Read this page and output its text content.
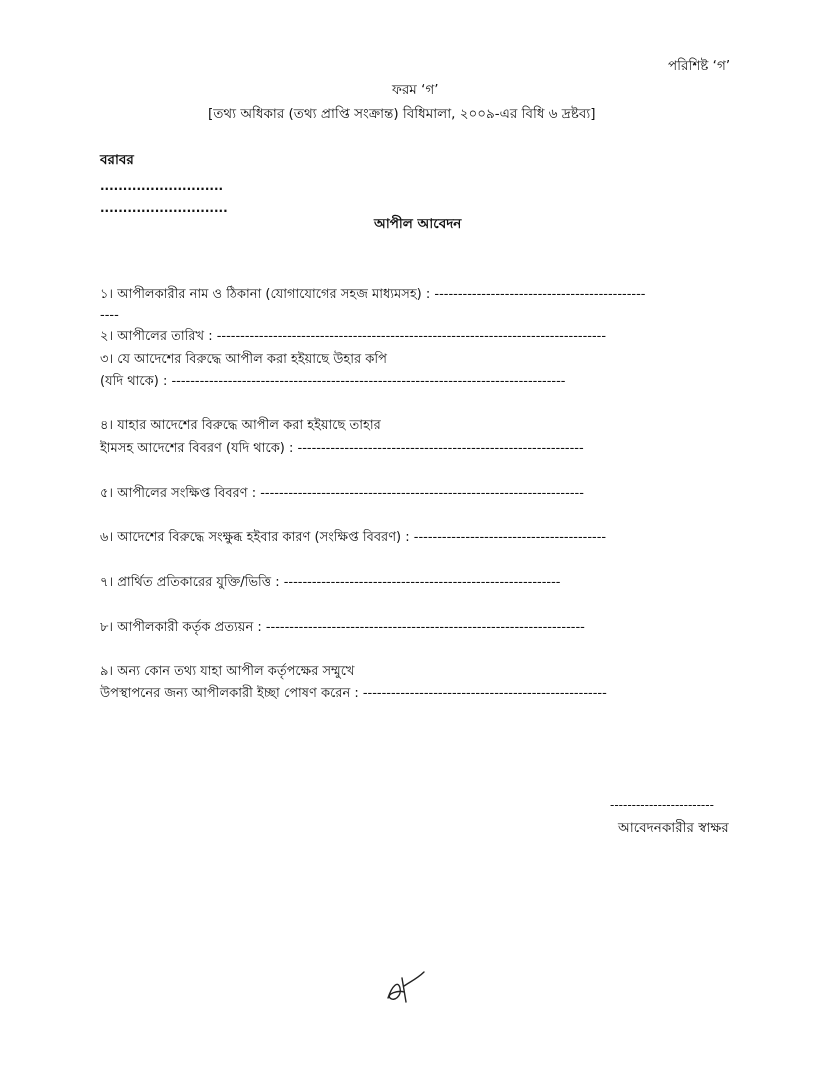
পরিশিষ্ট ‘গ’
ফরম ‘গ’
[তথ্য অধিকার (তথ্য প্রাপ্তি সংক্রান্ত) বিধিমালা, ২০০৯-এর বিধি ৬ দ্রষ্টব্য]
বরাবর
...........................
............................
আপীল আবেদন
১। আপীলকারীর নাম ও ঠিকানা (যোগাযোগের সহজ মাধ্যমসহ) : ---------------------------------------------
----
২। আপীলের তারিখ : -----------------------------------------------------------------------------------
৩। যে আদেশের বিরুদ্ধে আপীল করা হইয়াছে উহার কপি
(যদি থাকে) : ------------------------------------------------------------------------------------
৪। যাহার আদেশের বিরুদ্ধে আপীল করা হইয়াছে তাহার
ইামসহ আদেশের বিবরণ (যদি থাকে) : -------------------------------------------------------------
৫। আপীলের সংক্ষিপ্ত বিবরণ : ---------------------------------------------------------------------
৬। আদেশের বিরুদ্ধে সংক্ষুব্ধ হইবার কারণ (সংক্ষিপ্ত বিবরণ) : -----------------------------------------
৭। প্রার্থিত প্রতিকারের যুক্তি/ভিত্তি : -----------------------------------------------------------
৮। আপীলকারী কর্তৃক প্রত্যয়ন : --------------------------------------------------------------------
৯। অন্য কোন তথ্য যাহা আপীল কর্তৃপক্ষের সম্মুখে
উপস্থাপনের জন্য আপীলকারী ইচ্ছা পোষণ করেন : ----------------------------------------------------
------------------------
আবেদনকারীর স্বাক্ষর
